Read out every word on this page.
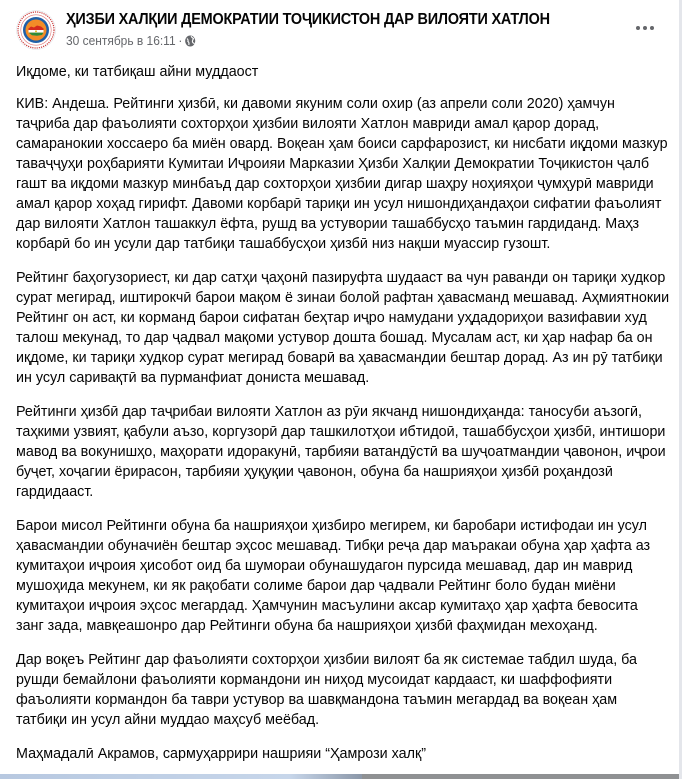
ҲИЗБИ ХАЛҚИИ ДЕМОКРАТИИ ТОҶИКИСТОН ДАР ВИЛОЯТИ ХАТЛОН
30 сентябрь в 16:11 ·

Иқдоме, ки татбиқаш айни муддаост

КИВ: Андеша. Рейтинги ҳизбӣ, ки давоми якуним соли охир (аз апрели соли 2020) ҳамчун таҷриба дар фаъолияти сохторҳои ҳизбии вилояти Хатлон мавриди амал қарор дорад, самаранокии хоссаеро ба миён овард. Воқеан ҳам боиси сарфарозист, ки нисбати иқдоми мазкур таваҷҷуҳи роҳбарияти Кумитаи Иҷроияи Марказии Ҳизби Халқии Демократии Тоҷикистон ҷалб гашт ва иқдоми мазкур минбаъд дар сохторҳои ҳизбии дигар шаҳру ноҳияҳои ҷумҳурӣ мавриди амал қарор хоҳад гирифт. Давоми корбарӣ тариқи ин усул нишондиҳандаҳои сифатии фаъолият дар вилояти Хатлон ташаккул ёфта, рушд ва устувории ташаббусҳо таъмин гардиданд. Маҳз корбарӣ бо ин усули дар татбиқи ташаббусҳои ҳизбӣ низ нақши муассир гузошт.

Рейтинг баҳогузориест, ки дар сатҳи ҷаҳонӣ пазируфта шудааст ва чун раванди он тариқи худкор сурат мегирад, иштирокчӣ барои мақом ё зинаи болой рафтан ҳавасманд мешавад. Аҳмиятнокии Рейтинг он аст, ки корманд барои сифатан беҳтар иҷро намудани уҳдадориҳои вазифавии худ талош мекунад, то дар ҷадвал мақоми устувор дошта бошад. Мусалам аст, ки ҳар нафар ба он иқдоме, ки тариқи худкор сурат мегирад боварӣ ва ҳавасмандии бештар дорад. Аз ин рӯ татбиқи ин усул саривақтӣ ва пурманфиат дониста мешавад.

Рейтинги ҳизбӣ дар таҷрибаи вилояти Хатлон аз рӯи якчанд нишондиҳанда: таносуби аъзогӣ, таҳкими узвият, қабули аъзо, коргузорӣ дар ташкилотҳои ибтидоӣ, ташаббусҳои ҳизбӣ, интишори мавод ва вокунишҳо, маҳорати идоракунӣ, тарбияи ватандӯстӣ ва шуҷоатмандии ҷавонон, иҷрои буҷет, хоҷагии ёрирасон, тарбияи ҳуқуқии ҷавонон, обуна ба нашрияҳои ҳизбӣ роҳандозӣ гардидааст.

Барои мисол Рейтинги обуна ба нашрияҳои ҳизбиро мегирем, ки баробари истифодаи ин усул ҳавасмандии обуначиён бештар эҳсос мешавад. Тибқи реҷа дар маъракаи обуна ҳар ҳафта аз кумитаҳои иҷроия ҳисобот оид ба шумораи обунашудагон пурсида мешавад, дар ин маврид мушоҳида мекунем, ки як рақобати солиме барои дар ҷадвали Рейтинг боло будан миёни кумитаҳои иҷроия эҳсос мегардад. Ҳамчунин масъулини аксар кумитаҳо ҳар ҳафта бевосита занг зада, мавқеашонро дар Рейтинги обуна ба нашрияҳои ҳизбӣ фаҳмидан мехоҳанд.

Дар воқеъ Рейтинг дар фаъолияти сохторҳои ҳизбии вилоят ба як системае табдил шуда, ба рушди бемайлони фаъолияти кормандони ин ниҳод мусоидат кардааст, ки шаффофияти фаъолияти кормандон ба таври устувор ва шавқмандона таъмин мегардад ва воқеан ҳам татбиқи ин усул айни муддао маҳсуб меёбад.

Маҳмадалӣ Акрамов, сармуҳаррири нашрияи “Ҳамрози халқ”
